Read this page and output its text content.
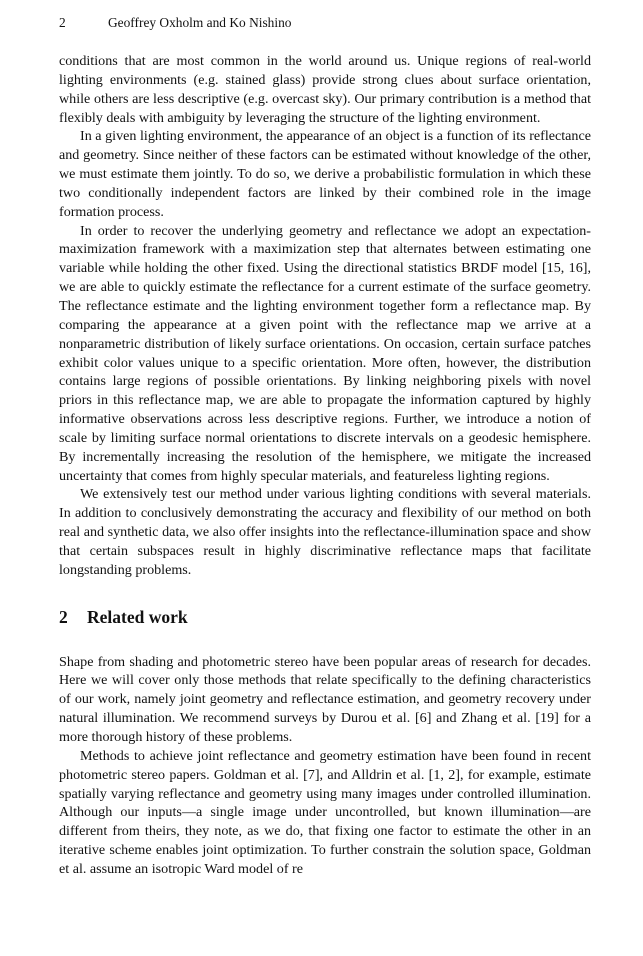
2	Geoffrey Oxholm and Ko Nishino

conditions that are most common in the world around us. Unique regions of real-world lighting environments (e.g. stained glass) provide strong clues about surface orientation, while others are less descriptive (e.g. overcast sky). Our primary contribution is a method that flexibly deals with ambiguity by leveraging the structure of the lighting environment.

In a given lighting environment, the appearance of an object is a function of its reflectance and geometry. Since neither of these factors can be estimated without knowledge of the other, we must estimate them jointly. To do so, we derive a probabilistic formulation in which these two conditionally independent factors are linked by their combined role in the image formation process.

In order to recover the underlying geometry and reflectance we adopt an expectation-maximization framework with a maximization step that alternates between estimating one variable while holding the other fixed. Using the directional statistics BRDF model [15, 16], we are able to quickly estimate the reflectance for a current estimate of the surface geometry. The reflectance estimate and the lighting environment together form a reflectance map. By comparing the appearance at a given point with the reflectance map we arrive at a nonparametric distribution of likely surface orientations. On occasion, certain surface patches exhibit color values unique to a specific orientation. More often, however, the distribution contains large regions of possible orientations. By linking neighboring pixels with novel priors in this reflectance map, we are able to propagate the information captured by highly informative observations across less descriptive regions. Further, we introduce a notion of scale by limiting surface normal orientations to discrete intervals on a geodesic hemisphere. By incrementally increasing the resolution of the hemisphere, we mitigate the increased uncertainty that comes from highly specular materials, and featureless lighting regions.

We extensively test our method under various lighting conditions with several materials. In addition to conclusively demonstrating the accuracy and flexibility of our method on both real and synthetic data, we also offer insights into the reflectance-illumination space and show that certain subspaces result in highly discriminative reflectance maps that facilitate longstanding problems.

2 Related work

Shape from shading and photometric stereo have been popular areas of research for decades. Here we will cover only those methods that relate specifically to the defining characteristics of our work, namely joint geometry and reflectance estimation, and geometry recovery under natural illumination. We recommend surveys by Durou et al. [6] and Zhang et al. [19] for a more thorough history of these problems.

Methods to achieve joint reflectance and geometry estimation have been found in recent photometric stereo papers. Goldman et al. [7], and Alldrin et al. [1, 2], for example, estimate spatially varying reflectance and geometry using many images under controlled illumination. Although our inputs—a single image under uncontrolled, but known illumination—are different from theirs, they note, as we do, that fixing one factor to estimate the other in an iterative scheme enables joint optimization. To further constrain the solution space, Goldman et al. assume an isotropic Ward model of re
